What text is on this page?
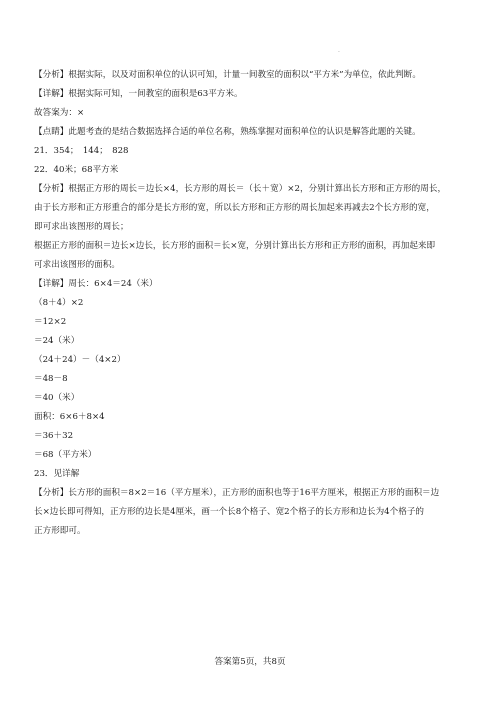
.
【分析】根据实际，以及对面积单位的认识可知，计量一间教室的面积以“平方米”为单位，依此判断。
【详解】根据实际可知，一间教室的面积是63平方米。
故答案为：×
【点睛】此题考查的是结合数据选择合适的单位名称，熟练掌握对面积单位的认识是解答此题的关键。
21．354；　144；　828
22．40米；68平方米
【分析】根据正方形的周长＝边长×4，长方形的周长＝（长＋宽）×2，分别计算出长方形和正方形的周长，
由于长方形和正方形重合的部分是长方形的宽，所以长方形和正方形的周长加起来再减去2个长方形的宽，
即可求出该图形的周长；
根据正方形的面积＝边长×边长，长方形的面积＝长×宽，分别计算出长方形和正方形的面积，再加起来即
可求出该图形的面积。
【详解】周长：6×4＝24（米）
（8＋4）×2
＝12×2
＝24（米）
（24＋24）－（4×2）
＝48－8
＝40（米）
面积：6×6＋8×4
＝36＋32
＝68（平方米）
23．见详解
【分析】长方形的面积＝8×2＝16（平方厘米），正方形的面积也等于16平方厘米，根据正方形的面积＝边
长×边长即可得知，正方形的边长是4厘米，画一个长8个格子、宽2个格子的长方形和边长为4个格子的
正方形即可。
答案第5页，共8页
